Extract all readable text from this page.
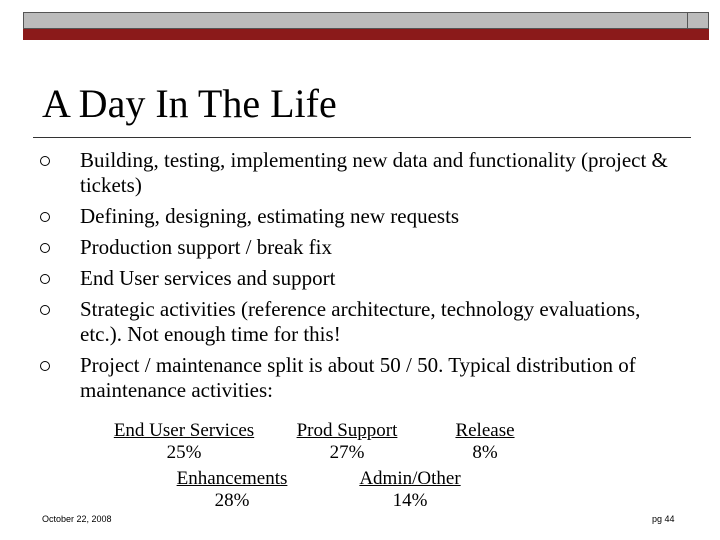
A Day In The Life
Building, testing, implementing new data and functionality (project & tickets)
Defining, designing, estimating new requests
Production support / break fix
End User services and support
Strategic activities (reference architecture, technology evaluations, etc.). Not enough time for this!
Project / maintenance split is about 50 / 50. Typical distribution of maintenance activities:
End User Services
25%
Prod Support
27%
Release
8%
Enhancements
28%
Admin/Other
14%
October 22, 2008	pg 44
